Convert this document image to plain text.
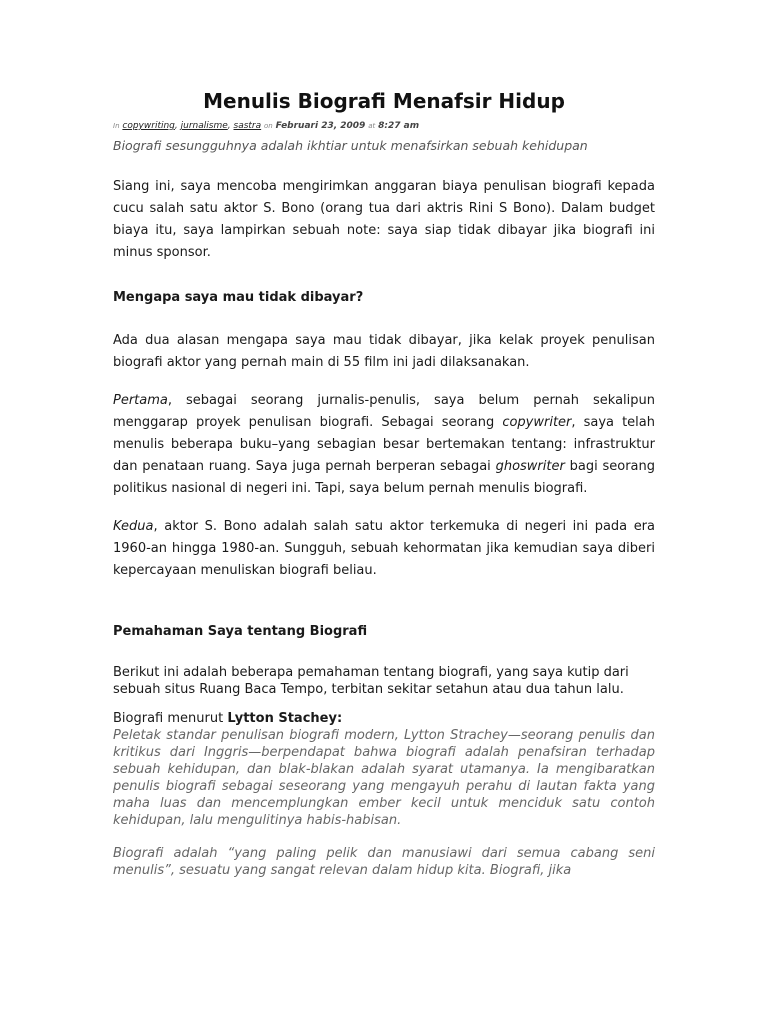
Menulis Biografi Menafsir Hidup
In copywriting, jurnalisme, sastra on Februari 23, 2009 at 8:27 am
Biografi sesungguhnya adalah ikhtiar untuk menafsirkan sebuah kehidupan

Siang ini, saya mencoba mengirimkan anggaran biaya penulisan biografi kepada cucu salah satu aktor S. Bono (orang tua dari aktris Rini S Bono). Dalam budget biaya itu, saya lampirkan sebuah note: saya siap tidak dibayar jika biografi ini minus sponsor.

Mengapa saya mau tidak dibayar?

Ada dua alasan mengapa saya mau tidak dibayar, jika kelak proyek penulisan biografi aktor yang pernah main di 55 film ini jadi dilaksanakan.

Pertama, sebagai seorang jurnalis-penulis, saya belum pernah sekalipun menggarap proyek penulisan biografi. Sebagai seorang copywriter, saya telah menulis beberapa buku–yang sebagian besar bertemakan tentang: infrastruktur dan penataan ruang. Saya juga pernah berperan sebagai ghoswriter bagi seorang politikus nasional di negeri ini. Tapi, saya belum pernah menulis biografi.

Kedua, aktor S. Bono adalah salah satu aktor terkemuka di negeri ini pada era 1960-an hingga 1980-an. Sungguh, sebuah kehormatan jika kemudian saya diberi kepercayaan menuliskan biografi beliau.

Pemahaman Saya tentang Biografi

Berikut ini adalah beberapa pemahaman tentang biografi, yang saya kutip dari sebuah situs Ruang Baca Tempo, terbitan sekitar setahun atau dua tahun lalu.

Biografi menurut Lytton Stachey:

Peletak standar penulisan biografi modern, Lytton Strachey—seorang penulis dan kritikus dari Inggris—berpendapat bahwa biografi adalah penafsiran terhadap sebuah kehidupan, dan blak-blakan adalah syarat utamanya. Ia mengibaratkan penulis biografi sebagai seseorang yang mengayuh perahu di lautan fakta yang maha luas dan mencemplungkan ember kecil untuk menciduk satu contoh kehidupan, lalu mengulitinya habis-habisan.

Biografi adalah “yang paling pelik dan manusiawi dari semua cabang seni menulis”, sesuatu yang sangat relevan dalam hidup kita. Biografi, jika
